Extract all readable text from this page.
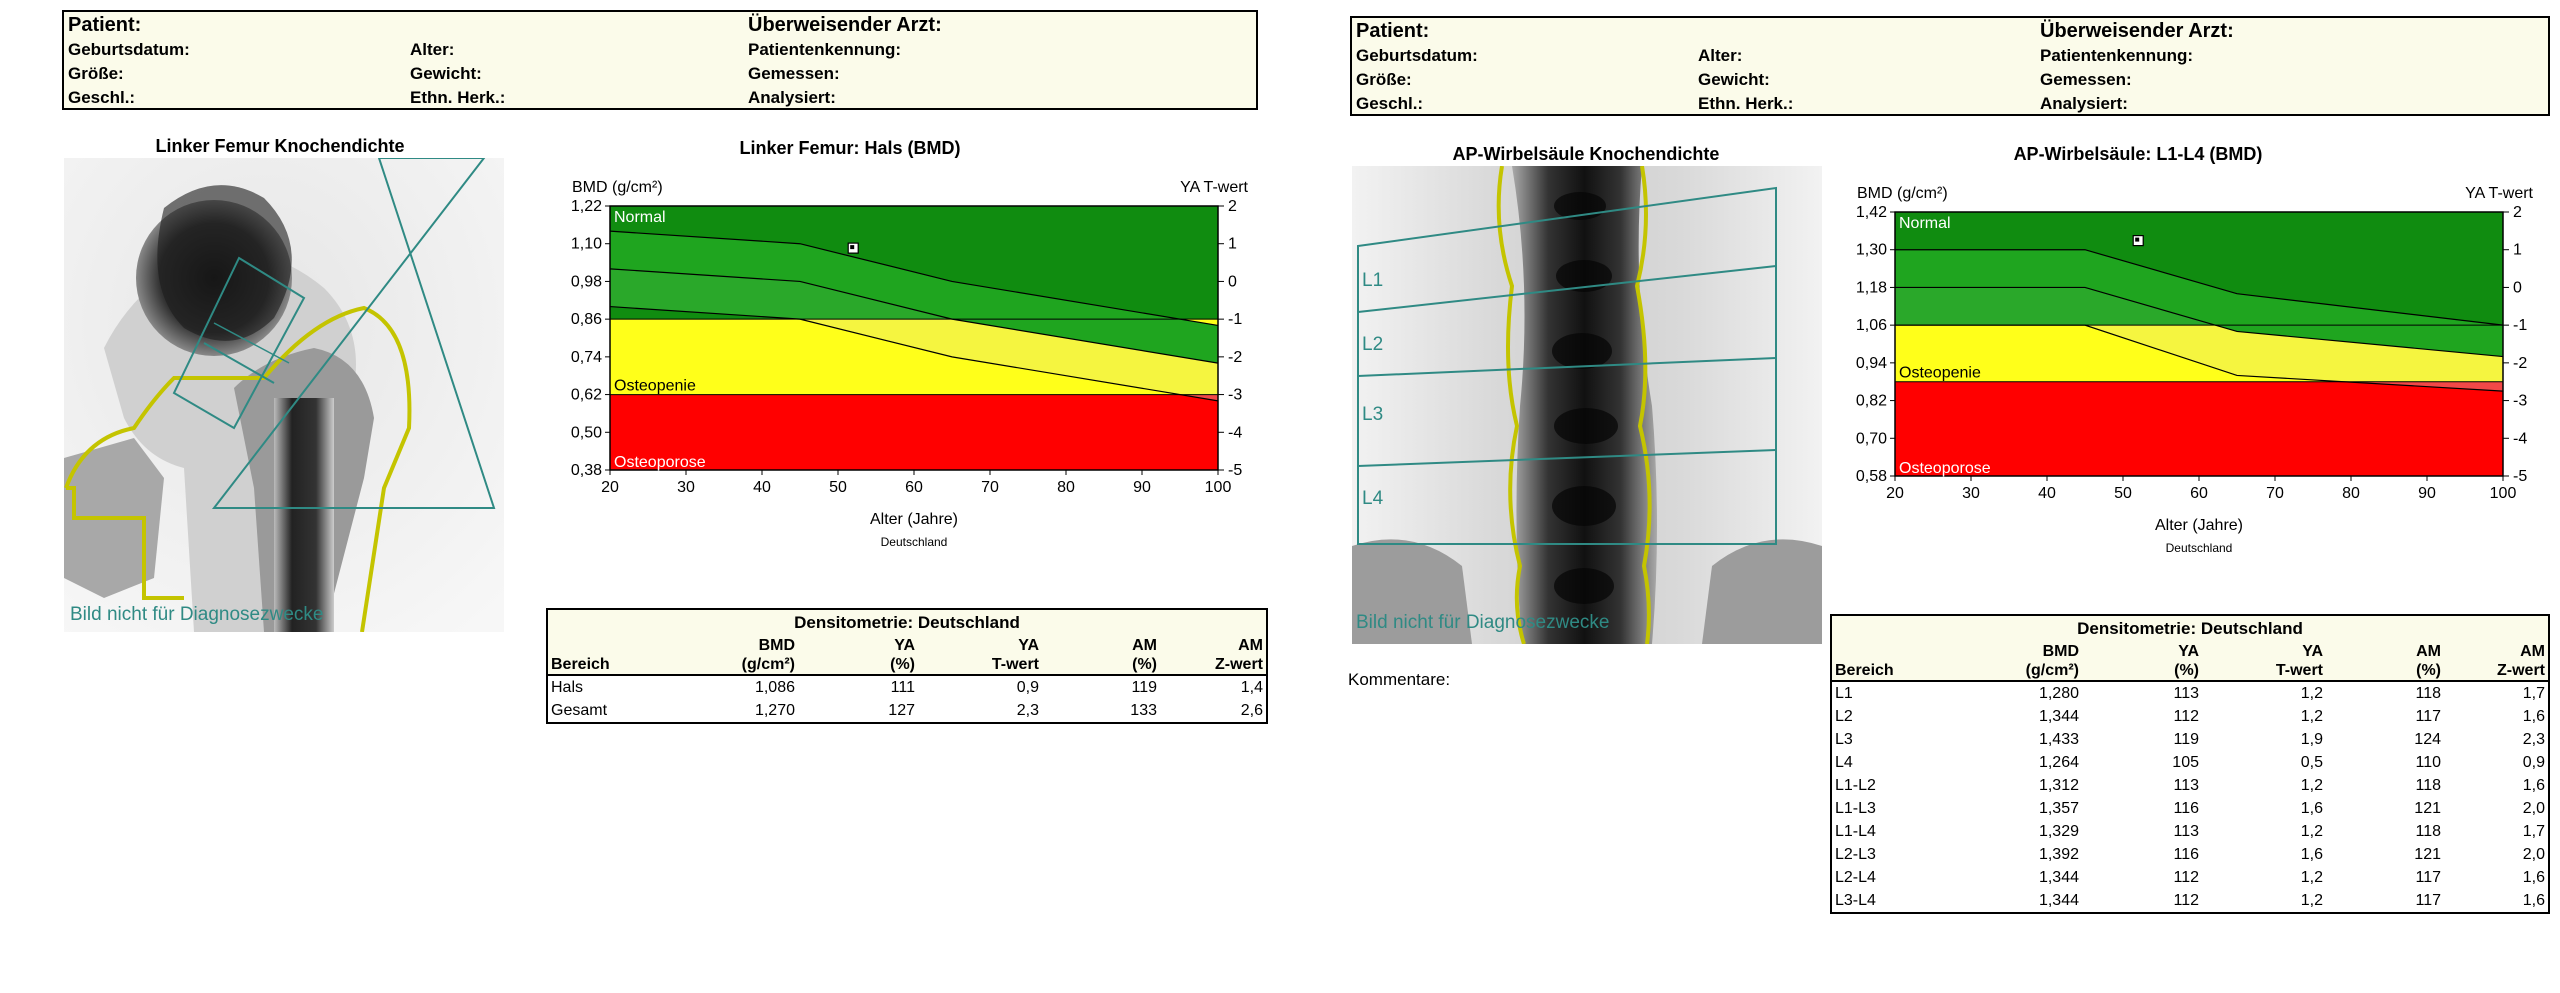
Patient:
Geburtsdatum:
Größe:
Geschl.:
Alter:
Gewicht:
Ethn. Herk.:
Überweisender Arzt:
Patientenkennung:
Gemessen:
Analysiert:
Linker Femur Knochendichte
Bild nicht für Diagnosezwecke
Linker Femur: Hals (BMD)
Normal
Osteopenie
Osteoporose
1,22
1,10
0,98
0,86
0,74
0,62
0,50
0,38
2
1
0
-1
-2
-3
-4
-5
20	30	40	50	60	70	80	90	100
BMD (g/cm²)	YA T-wert
Alter (Jahre)
Deutschland
Densitometrie: Deutschland

BMD	YA	YA	AM	AM
Bereich	(g/cm²)	(%)	T-wert	(%)	Z-wert
Hals	1,086	111	0,9	119	1,4
Gesamt	1,270	127	2,3	133	2,6
Patient:
Geburtsdatum:
Größe:
Geschl.:
Alter:
Gewicht:
Ethn. Herk.:
Überweisender Arzt:
Patientenkennung:
Gemessen:
Analysiert:
AP-Wirbelsäule Knochendichte
L1
L2
L3
L4
Bild nicht für Diagnosezwecke
Kommentare:
AP-Wirbelsäule: L1-L4 (BMD)
Normal
Osteopenie
Osteoporose
1,42
1,30
1,18
1,06
0,94
0,82
0,70
0,58
2
1
0
-1
-2
-3
-4
-5
20	30	40	50	60	70	80	90	100
BMD (g/cm²)	YA T-wert
Alter (Jahre)
Deutschland
Densitometrie: Deutschland

BMD	YA	YA	AM	AM
Bereich	(g/cm²)	(%)	T-wert	(%)	Z-wert
L1	1,280	113	1,2	118	1,7
L2	1,344	112	1,2	117	1,6
L3	1,433	119	1,9	124	2,3
L4	1,264	105	0,5	110	0,9
L1-L2	1,312	113	1,2	118	1,6
L1-L3	1,357	116	1,6	121	2,0
L1-L4	1,329	113	1,2	118	1,7
L2-L3	1,392	116	1,6	121	2,0
L2-L4	1,344	112	1,2	117	1,6
L3-L4	1,344	112	1,2	117	1,6
